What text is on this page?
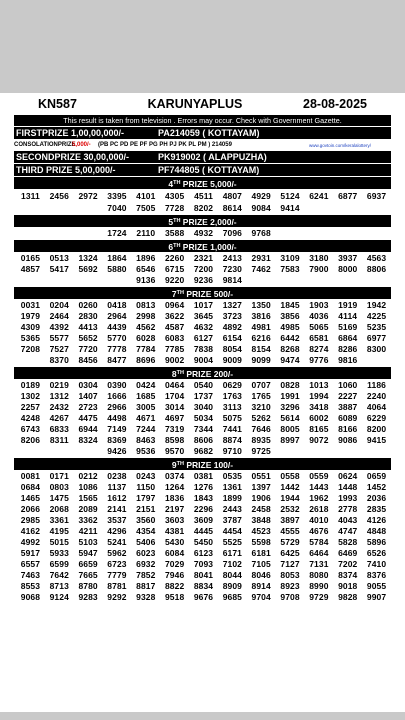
KN587	KARUNYAPLUS	28-08-2025
This result is taken from television . Errors may occur. Check with Government Gazette.
FIRSTPRIZE 1,00,00,000/-	PA214059 ( KOTTAYAM)
CONSOLATIONPRIZE
5,000/-	(PB PC PD PE PF PG PH PJ PK PL PM ) 214059	www.govtoin.com/keralalottery/
SECONDPRIZE 30,00,000/-	PK919002 ( ALAPPUZHA)
THIRD PRIZE 5,00,000/-	PF744805 ( KOTTAYAM)
4TH PRIZE 5,000/-
1311	2456	2972	3395	4101	4305	4511	4807	4929	5124	6241	6877	6937
7040	7505	7728	8202	8614	9084	9414
5TH PRIZE 2,000/-
1724	2110	3588	4932	7096	9768
6TH PRIZE 1,000/-
0165	0513	1324	1864	1896	2260	2321	2413	2931	3109	3180	3937	4563
4857	5417	5692	5880	6546	6715	7200	7230	7462	7583	7900	8000	8806
9136	9220	9236	9814
7TH PRIZE 500/-
0031	0204	0260	0418	0813	0964	1017	1327	1350	1845	1903	1919	1942
1979	2464	2830	2964	2998	3622	3645	3723	3816	3856	4036	4114	4225
4309	4392	4413	4439	4562	4587	4632	4892	4981	4985	5065	5169	5235
5365	5577	5652	5770	6028	6083	6127	6154	6216	6442	6581	6864	6977
7208	7527	7720	7778	7784	7785	7838	8054	8154	8268	8274	8286	8300
8370	8456	8477	8696	9002	9004	9009	9099	9474	9776	9816
8TH PRIZE 200/-
0189	0219	0304	0390	0424	0464	0540	0629	0707	0828	1013	1060	1186
1302	1312	1407	1666	1685	1704	1737	1763	1765	1991	1994	2227	2240
2257	2432	2723	2966	3005	3014	3040	3113	3210	3296	3418	3887	4064
4248	4267	4475	4498	4671	4697	5034	5075	5262	5614	6002	6089	6229
6743	6833	6944	7149	7244	7319	7344	7441	7646	8005	8165	8166	8200
8206	8311	8324	8369	8463	8598	8606	8874	8935	8997	9072	9086	9415
9426	9536	9570	9682	9710	9725
9TH PRIZE 100/-
0081	0171	0212	0238	0243	0374	0381	0535	0551	0558	0559	0624	0659
0684	0803	1086	1137	1150	1264	1276	1361	1397	1442	1443	1448	1452
1465	1475	1565	1612	1797	1836	1843	1899	1906	1944	1962	1993	2036
2066	2068	2089	2141	2151	2197	2296	2443	2458	2532	2618	2778	2835
2985	3361	3362	3537	3560	3603	3609	3787	3848	3897	4010	4043	4126
4162	4195	4211	4296	4354	4381	4445	4454	4523	4555	4676	4747	4848
4992	5015	5103	5241	5406	5430	5450	5525	5598	5729	5784	5828	5896
5917	5933	5947	5962	6023	6084	6123	6171	6181	6425	6464	6469	6526
6557	6599	6659	6723	6932	7029	7093	7102	7105	7127	7131	7202	7410
7463	7642	7665	7779	7852	7946	8041	8044	8046	8053	8080	8374	8376
8553	8713	8780	8781	8817	8822	8834	8909	8914	8923	8990	9018	9055
9068	9124	9283	9292	9328	9518	9676	9685	9704	9708	9729	9828	9907
